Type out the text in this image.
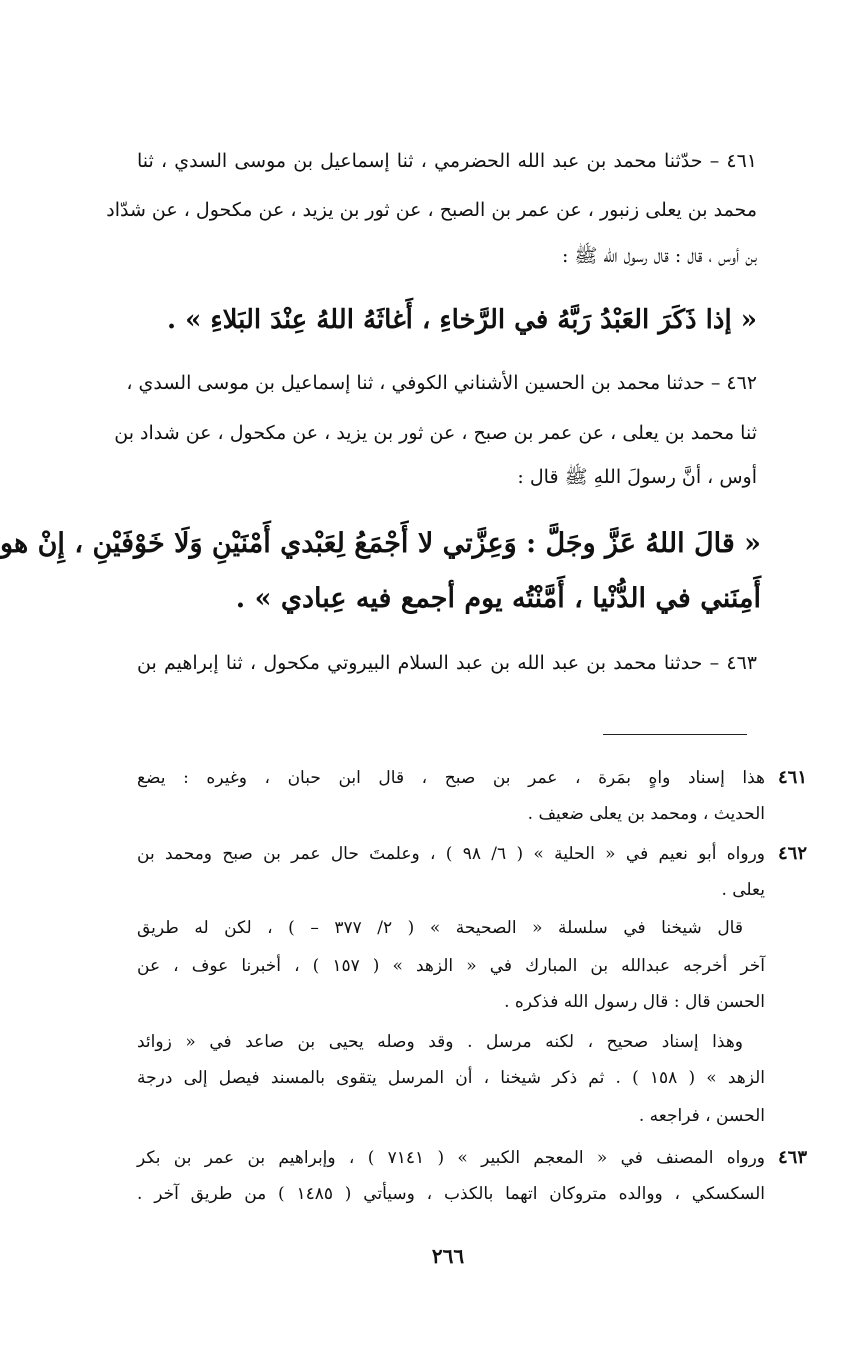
٤٦١ – حدّثنا محمد بن عبد الله الحضرمي ، ثنا إسماعيل بن موسى السدي ، ثنا
محمد بن يعلى زنبور ، عن عمر بن الصبح ، عن ثور بن يزيد ، عن مكحول ، عن شدّاد
بن أوس ، قال : قال رسول الله ﷺ :
« إذا ذَكَرَ العَبْدُ رَبَّهُ في الرَّخاءِ ، أَغاثَهُ اللهُ عِنْدَ البَلاءِ » .
٤٦٢ – حدثنا محمد بن الحسين الأشناني الكوفي ، ثنا إسماعيل بن موسى السدي ،
ثنا محمد بن يعلى ، عن عمر بن صبح ، عن ثور بن يزيد ، عن مكحول ، عن شداد بن
أوس ، أنَّ رسولَ اللهِ ﷺ قال :
« قالَ اللهُ عَزَّ وجَلَّ : وَعِزَّتي لا أَجْمَعُ لِعَبْدي أَمْنَيْنِ وَلَا خَوْفَيْنِ ، إِنْ هو
أَمِنَني في الدُّنْيا ، أَمَّنْتُه يوم أجمع فيه عِبادي » .
٤٦٣ – حدثنا محمد بن عبد الله بن عبد السلام البيروتي مكحول ، ثنا إبراهيم بن
٤٦١
هذا إسناد واهٍ بمَرة ، عمر بن صبح ، قال ابن حبان ، وغيره : يضع
الحديث ، ومحمد بن يعلى ضعيف .
٤٦٢
ورواه أبو نعيم في « الحلية » ( ٦/ ٩٨ ) ، وعلمتَ حال عمر بن صبح ومحمد بن
يعلى .
قال شيخنا في سلسلة « الصحيحة » ( ٢/ ٣٧٧ – ) ، لكن له طريق
آخر أخرجه عبدالله بن المبارك في « الزهد » ( ١٥٧ ) ، أخبرنا عوف ، عن
الحسن قال : قال رسول الله فذكره .
وهذا إسناد صحيح ، لكنه مرسل . وقد وصله يحيى بن صاعد في « زوائد
الزهد » ( ١٥٨ ) . ثم ذكر شيخنا ، أن المرسل يتقوى بالمسند فيصل إلى درجة
الحسن ، فراجعه .
٤٦٣
ورواه المصنف في « المعجم الكبير » ( ٧١٤١ ) ، وإبراهيم بن عمر بن بكر
السكسكي ، ووالده متروكان اتهما بالكذب ، وسيأتي ( ١٤٨٥ ) من طريق آخر .
٢٦٦
